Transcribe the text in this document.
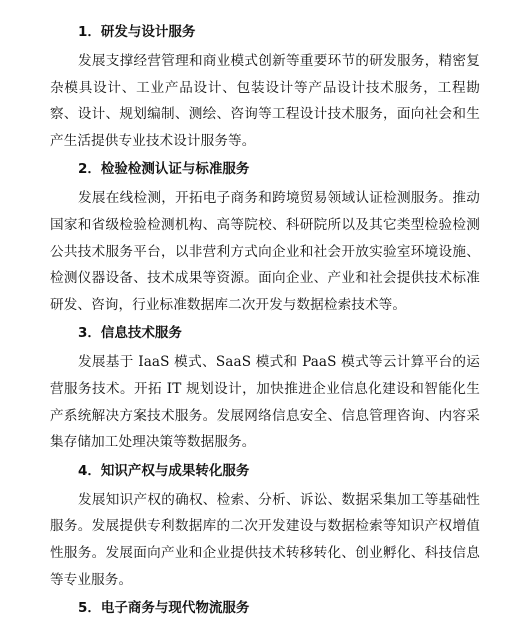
1．研发与设计服务

发展支撑经营管理和商业模式创新等重要环节的研发服务，精密复杂模具设计、工业产品设计、包装设计等产品设计技术服务，工程勘察、设计、规划编制、测绘、咨询等工程设计技术服务，面向社会和生产生活提供专业技术设计服务等。

2．检验检测认证与标准服务

发展在线检测，开拓电子商务和跨境贸易领域认证检测服务。推动国家和省级检验检测机构、高等院校、科研院所以及其它类型检验检测公共技术服务平台，以非营利方式向企业和社会开放实验室环境设施、检测仪器设备、技术成果等资源。面向企业、产业和社会提供技术标准研发、咨询，行业标准数据库二次开发与数据检索技术等。

3．信息技术服务

发展基于 IaaS 模式、SaaS 模式和 PaaS 模式等云计算平台的运营服务技术。开拓 IT 规划设计，加快推进企业信息化建设和智能化生产系统解决方案技术服务。发展网络信息安全、信息管理咨询、内容采集存储加工处理决策等数据服务。

4．知识产权与成果转化服务

发展知识产权的确权、检索、分析、诉讼、数据采集加工等基础性服务。发展提供专利数据库的二次开发建设与数据检索等知识产权增值性服务。发展面向产业和企业提供技术转移转化、创业孵化、科技信息等专业服务。

5．电子商务与现代物流服务
